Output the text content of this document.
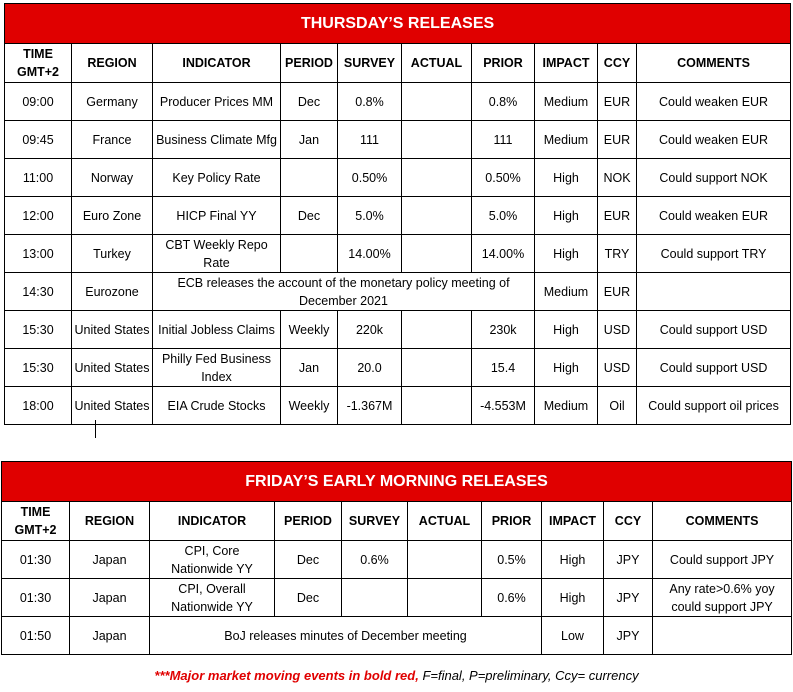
THURSDAY’S RELEASES									
TIME GMT+2	REGION	INDICATOR	PERIOD	SURVEY	ACTUAL	PRIOR	IMPACT	CCY	COMMENTS
09:00	Germany	Producer Prices MM	Dec	0.8%		0.8%	Medium	EUR	Could weaken EUR
09:45	France	Business Climate Mfg	Jan	111		111	Medium	EUR	Could weaken EUR
11:00	Norway	Key Policy Rate		0.50%		0.50%	High	NOK	Could support NOK
12:00	Euro Zone	HICP Final YY	Dec	5.0%		5.0%	High	EUR	Could weaken EUR
13:00	Turkey	CBT Weekly Repo Rate		14.00%		14.00%	High	TRY	Could support TRY
14:30	Eurozone	ECB releases the account of the monetary policy meeting of December 2021					Medium	EUR	
15:30	United States	Initial Jobless Claims	Weekly	220k		230k	High	USD	Could support USD
15:30	United States	Philly Fed Business Index	Jan	20.0		15.4	High	USD	Could support USD
18:00	United States	EIA Crude Stocks	Weekly	-1.367M		-4.553M	Medium	Oil	Could support oil prices
FRIDAY’S EARLY MORNING RELEASES									
TIME GMT+2	REGION	INDICATOR	PERIOD	SURVEY	ACTUAL	PRIOR	IMPACT	CCY	COMMENTS
01:30	Japan	CPI, Core Nationwide YY	Dec	0.6%		0.5%	High	JPY	Could support JPY
01:30	Japan	CPI, Overall Nationwide YY	Dec			0.6%	High	JPY	Any rate>0.6% yoy could support JPY
01:50	Japan	BoJ releases minutes of December meeting					Low	JPY	
***Major market moving events in bold red, F=final, P=preliminary, Ccy= currency
